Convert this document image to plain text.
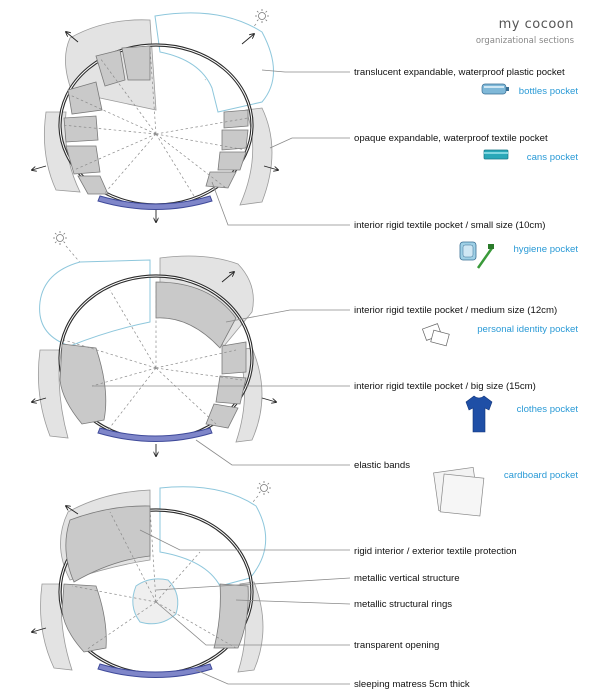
my cocoon
organizational sections
translucent expandable, waterproof plastic pocket
opaque expandable, waterproof textile pocket
interior rigid textile pocket / small size (10cm)
interior rigid textile pocket / medium size (12cm)
interior rigid textile pocket / big size (15cm)
elastic bands
rigid interior / exterior textile protection
metallic vertical structure
metallic structural rings
transparent opening
sleeping matress 5cm thick
bottles pocket
cans pocket
hygiene pocket
personal identity pocket
clothes pocket
cardboard pocket
